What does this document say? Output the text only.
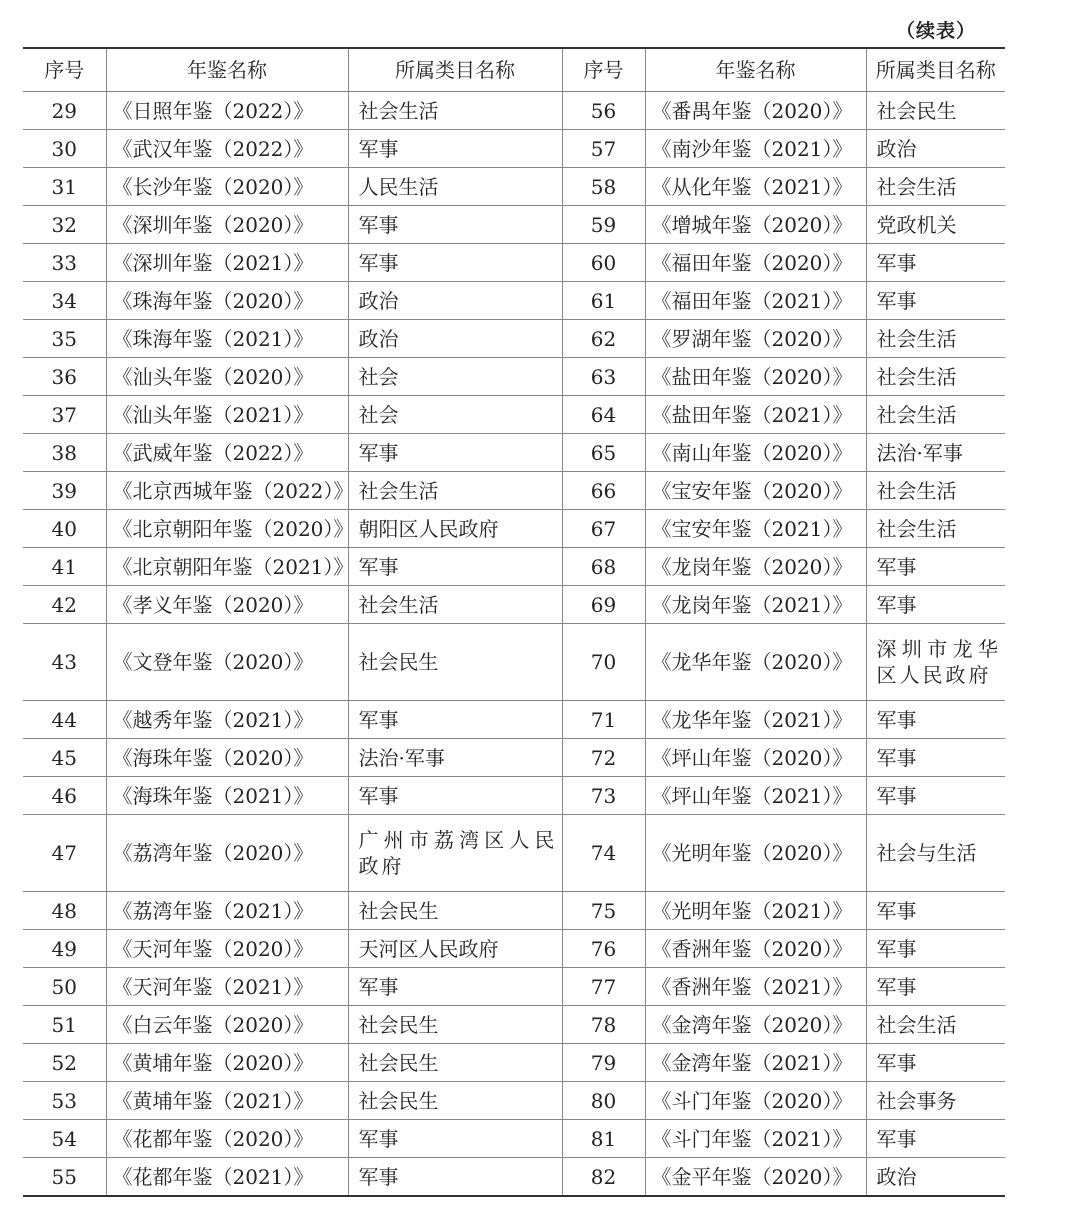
（续表）
序号	年鉴名称	所属类目名称	序号	年鉴名称	所属类目名称
29	《日照年鉴（2022）》	社会生活	56	《番禺年鉴（2020）》	社会民生
30	《武汉年鉴（2022）》	军事	57	《南沙年鉴（2021）》	政治
31	《长沙年鉴（2020）》	人民生活	58	《从化年鉴（2021）》	社会生活
32	《深圳年鉴（2020）》	军事	59	《增城年鉴（2020）》	党政机关
33	《深圳年鉴（2021）》	军事	60	《福田年鉴（2020）》	军事
34	《珠海年鉴（2020）》	政治	61	《福田年鉴（2021）》	军事
35	《珠海年鉴（2021）》	政治	62	《罗湖年鉴（2020）》	社会生活
36	《汕头年鉴（2020）》	社会	63	《盐田年鉴（2020）》	社会生活
37	《汕头年鉴（2021）》	社会	64	《盐田年鉴（2021）》	社会生活
38	《武威年鉴（2022）》	军事	65	《南山年鉴（2020）》	法治·军事
39	《北京西城年鉴（2022）》	社会生活	66	《宝安年鉴（2020）》	社会生活
40	《北京朝阳年鉴（2020）》	朝阳区人民政府	67	《宝安年鉴（2021）》	社会生活
41	《北京朝阳年鉴（2021）》	军事	68	《龙岗年鉴（2020）》	军事
42	《孝义年鉴（2020）》	社会生活	69	《龙岗年鉴（2021）》	军事
43	《文登年鉴（2020）》	社会民生	70	《龙华年鉴（2020）》	深圳市龙华区人民政府
44	《越秀年鉴（2021）》	军事	71	《龙华年鉴（2021）》	军事
45	《海珠年鉴（2020）》	法治·军事	72	《坪山年鉴（2020）》	军事
46	《海珠年鉴（2021）》	军事	73	《坪山年鉴（2021）》	军事
47	《荔湾年鉴（2020）》	广州市荔湾区人民政府	74	《光明年鉴（2020）》	社会与生活
48	《荔湾年鉴（2021）》	社会民生	75	《光明年鉴（2021）》	军事
49	《天河年鉴（2020）》	天河区人民政府	76	《香洲年鉴（2020）》	军事
50	《天河年鉴（2021）》	军事	77	《香洲年鉴（2021）》	军事
51	《白云年鉴（2020）》	社会民生	78	《金湾年鉴（2020）》	社会生活
52	《黄埔年鉴（2020）》	社会民生	79	《金湾年鉴（2021）》	军事
53	《黄埔年鉴（2021）》	社会民生	80	《斗门年鉴（2020）》	社会事务
54	《花都年鉴（2020）》	军事	81	《斗门年鉴（2021）》	军事
55	《花都年鉴（2021）》	军事	82	《金平年鉴（2020）》	政治
